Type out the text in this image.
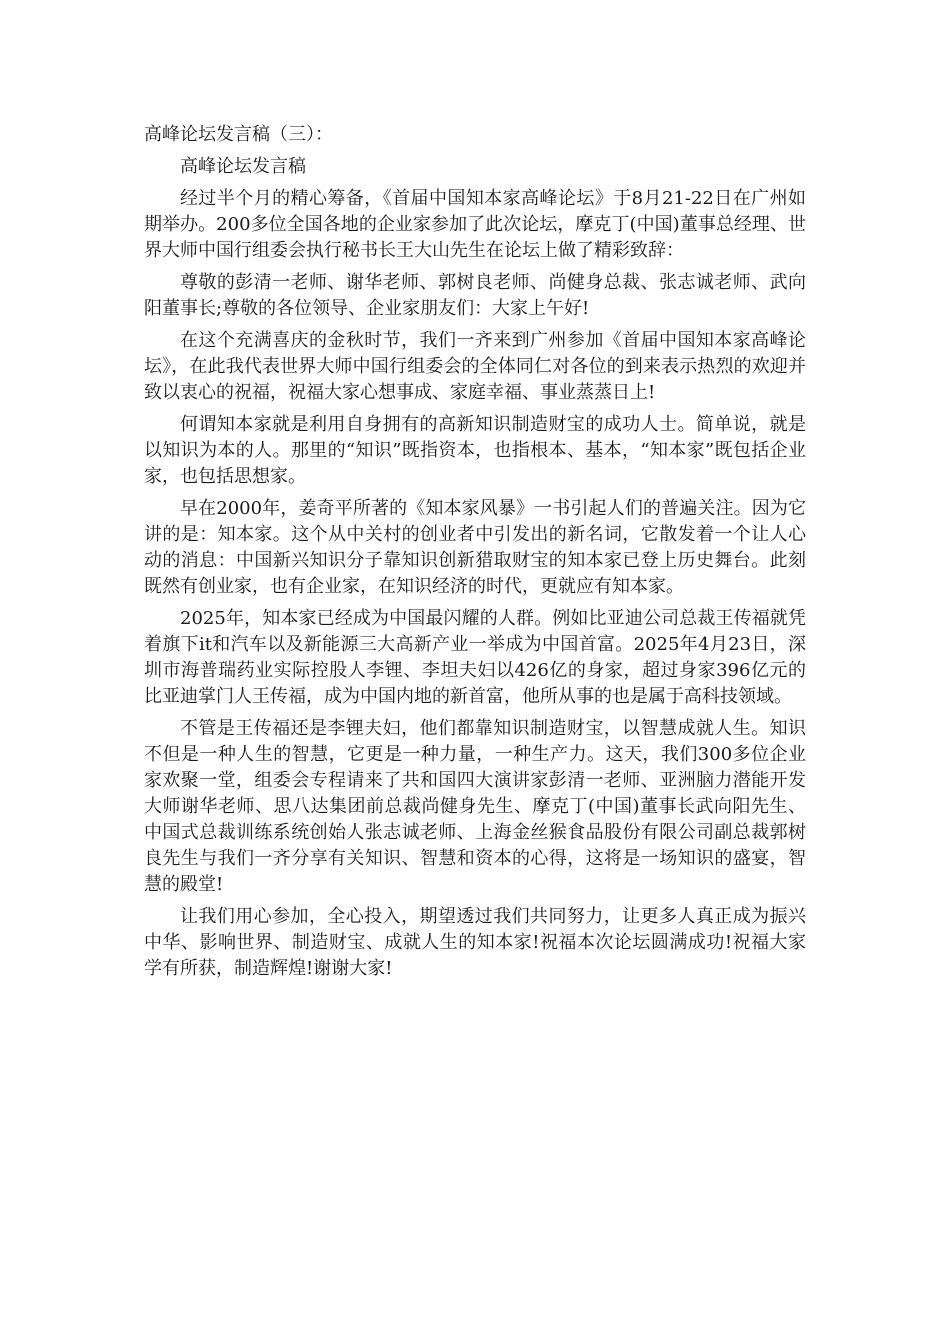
高峰论坛发言稿（三）：

高峰论坛发言稿

经过半个月的精心筹备，《首届中国知本家高峰论坛》于8月21-22日在广州如期举办。200多位全国各地的企业家参加了此次论坛，摩克丁(中国)董事总经理、世界大师中国行组委会执行秘书长王大山先生在论坛上做了精彩致辞：

尊敬的彭清一老师、谢华老师、郭树良老师、尚健身总裁、张志诚老师、武向阳董事长;尊敬的各位领导、企业家朋友们：大家上午好!

在这个充满喜庆的金秋时节，我们一齐来到广州参加《首届中国知本家高峰论坛》，在此我代表世界大师中国行组委会的全体同仁对各位的到来表示热烈的欢迎并致以衷心的祝福，祝福大家心想事成、家庭幸福、事业蒸蒸日上!

何谓知本家就是利用自身拥有的高新知识制造财宝的成功人士。简单说，就是以知识为本的人。那里的“知识”既指资本，也指根本、基本，“知本家”既包括企业家，也包括思想家。

早在2000年，姜奇平所著的《知本家风暴》一书引起人们的普遍关注。因为它讲的是：知本家。这个从中关村的创业者中引发出的新名词，它散发着一个让人心动的消息：中国新兴知识分子靠知识创新猎取财宝的知本家已登上历史舞台。此刻既然有创业家，也有企业家，在知识经济的时代，更就应有知本家。

2025年，知本家已经成为中国最闪耀的人群。例如比亚迪公司总裁王传福就凭着旗下it和汽车以及新能源三大高新产业一举成为中国首富。2025年4月23日，深圳市海普瑞药业实际控股人李锂、李坦夫妇以426亿的身家，超过身家396亿元的比亚迪掌门人王传福，成为中国内地的新首富，他所从事的也是属于高科技领域。

不管是王传福还是李锂夫妇，他们都靠知识制造财宝，以智慧成就人生。知识不但是一种人生的智慧，它更是一种力量，一种生产力。这天，我们300多位企业家欢聚一堂，组委会专程请来了共和国四大演讲家彭清一老师、亚洲脑力潜能开发大师谢华老师、思八达集团前总裁尚健身先生、摩克丁(中国)董事长武向阳先生、中国式总裁训练系统创始人张志诚老师、上海金丝猴食品股份有限公司副总裁郭树良先生与我们一齐分享有关知识、智慧和资本的心得，这将是一场知识的盛宴，智慧的殿堂!

让我们用心参加，全心投入，期望透过我们共同努力，让更多人真正成为振兴中华、影响世界、制造财宝、成就人生的知本家!祝福本次论坛圆满成功!祝福大家学有所获，制造辉煌!谢谢大家!
